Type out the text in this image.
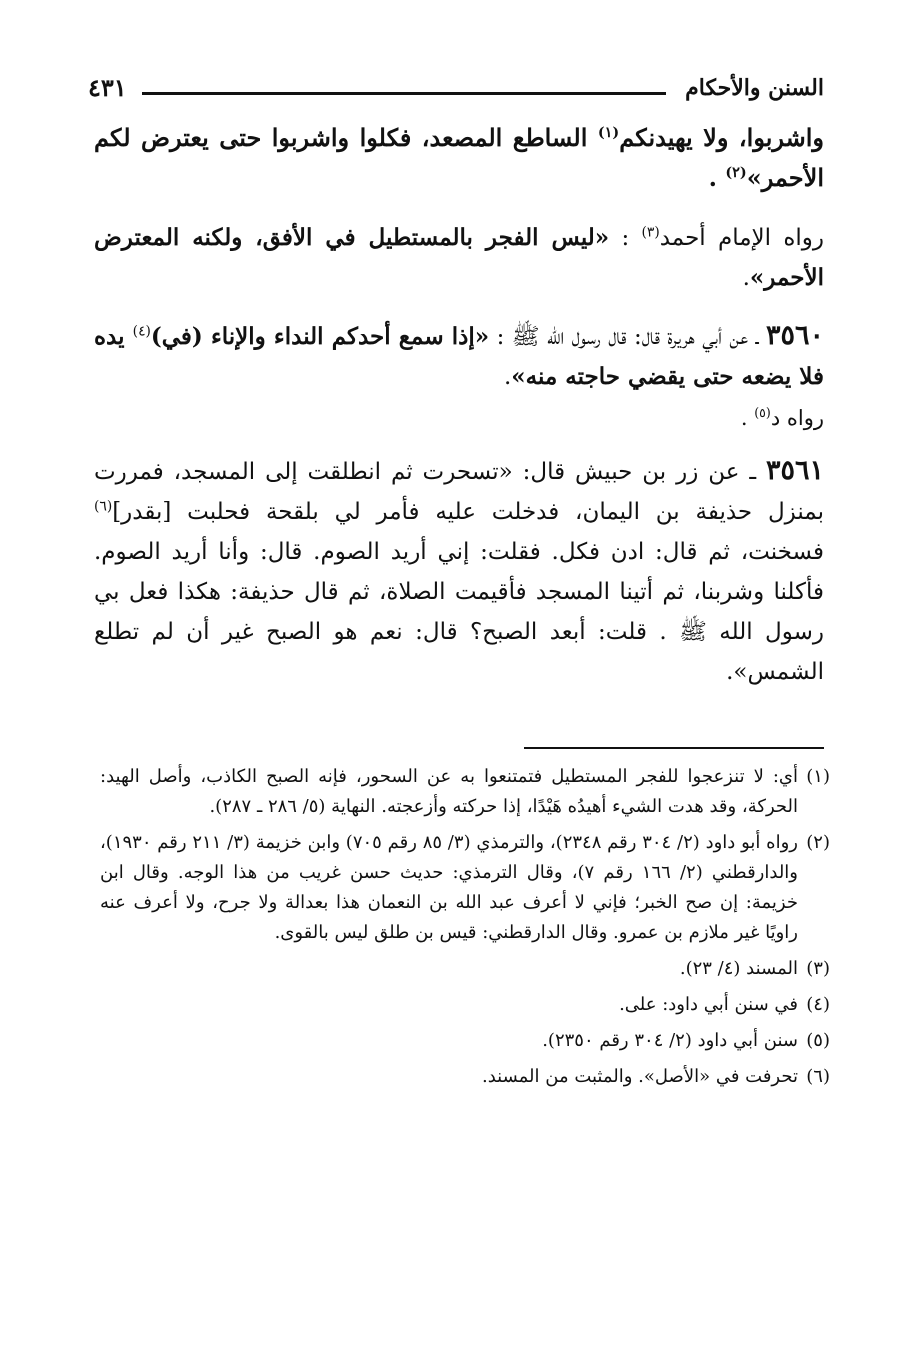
٤٣١	السنن والأحكام

واشربوا، ولا يهيدنكم$^{(١)}$ الساطع المصعد، فكلوا واشربوا حتى يعترض لكم الأحمر»$^{(٢)}$ .

رواه الإمام أحمد$^{(٣)}$ : «ليس الفجر بالمستطيل في الأفق، ولكنه المعترض الأحمر».

٣٥٦٠ ـ عن أبي هريرة قال: قال رسول الله ﷺ : «إذا سمع أحدكم النداء والإناء (في)$^{(٤)}$ يده فلا يضعه حتى يقضي حاجته منه».

رواه د$^{(٥)}$ .

٣٥٦١ ـ عن زر بن حبيش قال: «تسحرت ثم انطلقت إلى المسجد، فمررت بمنزل حذيفة بن اليمان، فدخلت عليه فأمر لي بلقحة فحلبت [بقدر]$^{(٦)}$ فسخنت، ثم قال: ادن فكل. فقلت: إني أريد الصوم. قال: وأنا أريد الصوم. فأكلنا وشربنا، ثم أتينا المسجد فأقيمت الصلاة، ثم قال حذيفة: هكذا فعل بي رسول الله ﷺ . قلت: أبعد الصبح؟ قال: نعم هو الصبح غير أن لم تطلع الشمس».

(١)
أي: لا تنزعجوا للفجر المستطيل فتمتنعوا به عن السحور، فإنه الصبح الكاذب، وأصل الهيد: الحركة، وقد هدت الشيء أهيدُه هَيْدًا، إذا حركته وأزعجته. النهاية (٥/ ٢٨٦ ـ ٢٨٧).

(٢)
رواه أبو داود (٢/ ٣٠٤ رقم ٢٣٤٨)، والترمذي (٣/ ٨٥ رقم ٧٠٥) وابن خزيمة (٣/ ٢١١ رقم ١٩٣٠)، والدارقطني (٢/ ١٦٦ رقم ٧)، وقال الترمذي: حديث حسن غريب من هذا الوجه. وقال ابن خزيمة: إن صح الخبر؛ فإني لا أعرف عبد الله بن النعمان هذا بعدالة ولا جرح، ولا أعرف عنه راويًا غير ملازم بن عمرو. وقال الدارقطني: قيس بن طلق ليس بالقوى.

(٣)
المسند (٤/ ٢٣).

(٤)
في سنن أبي داود: على.

(٥)
سنن أبي داود (٢/ ٣٠٤ رقم ٢٣٥٠).

(٦)
تحرفت في «الأصل». والمثبت من المسند.
